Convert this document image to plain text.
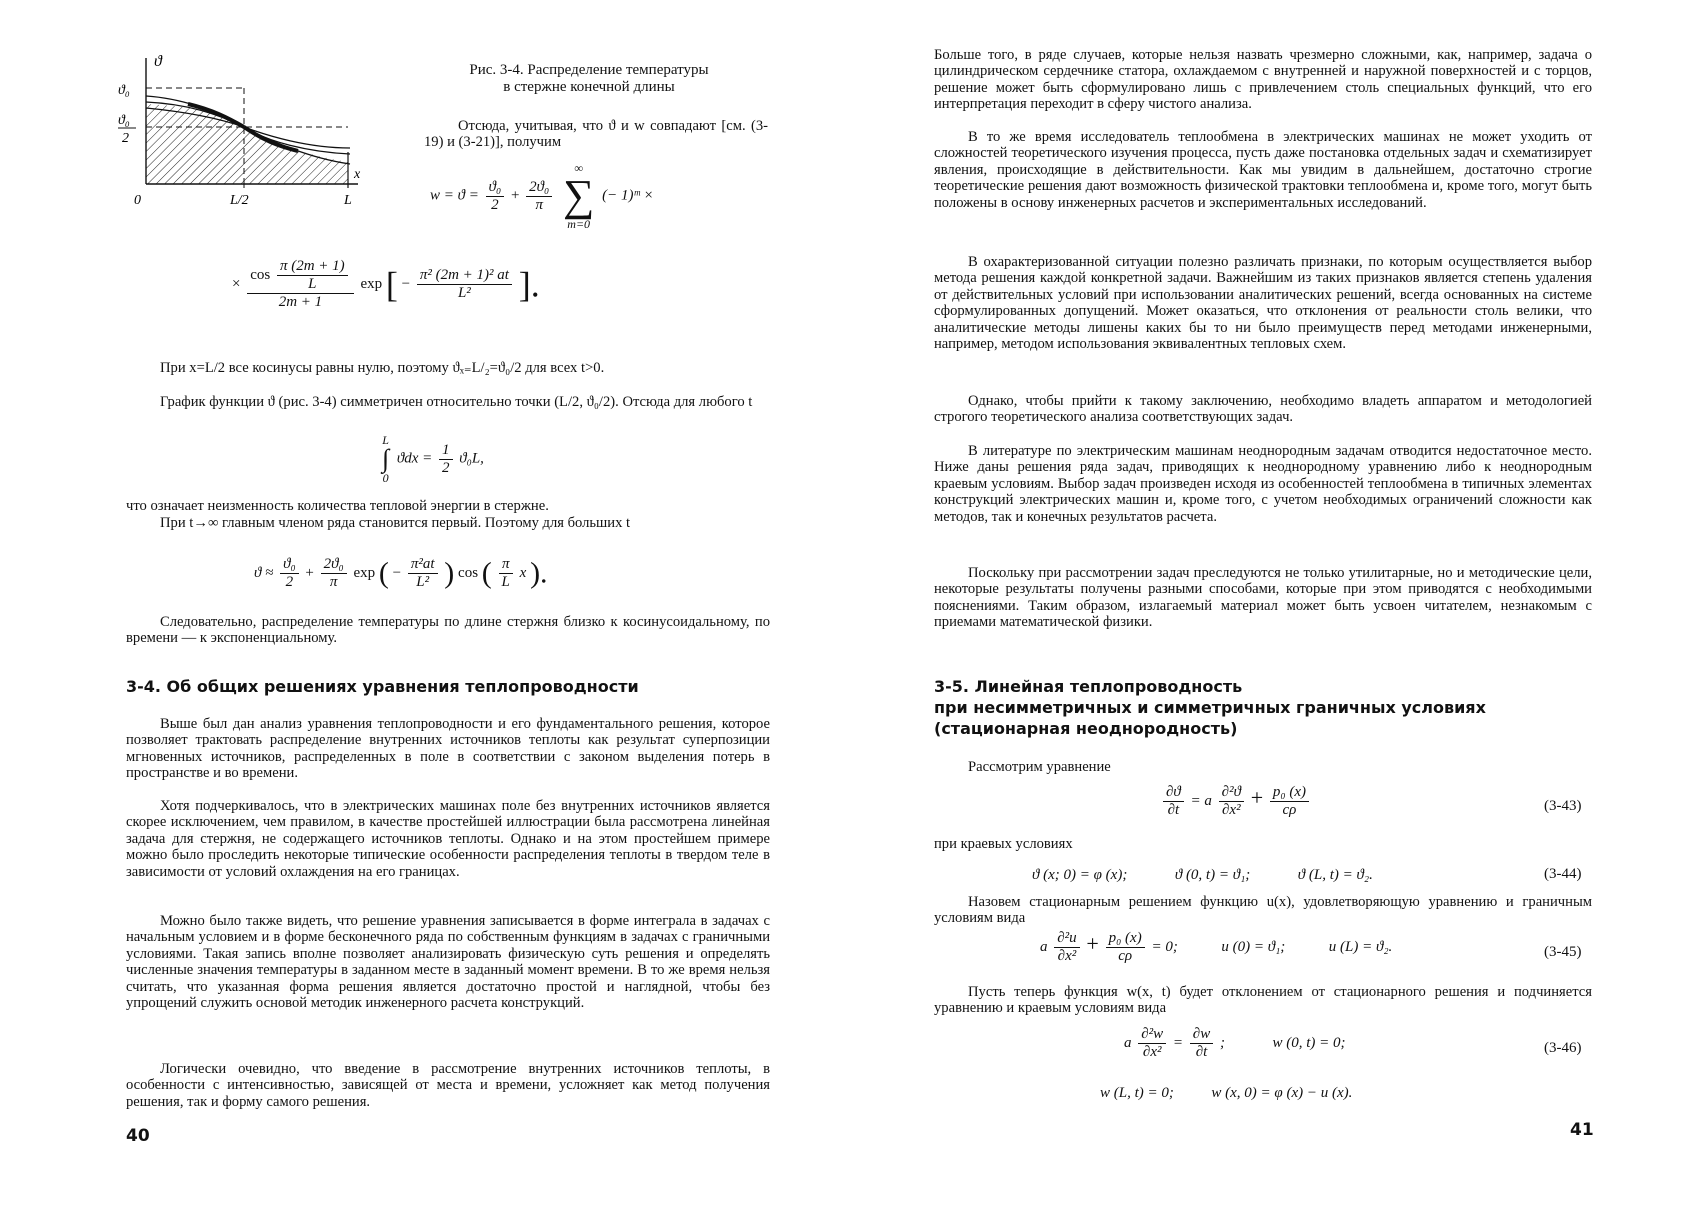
ϑ
x
ϑ₀
ϑ₀
2
0	L/2	L
Рис. 3-4. Распределение температуры
в стержне конечной длины

Отсюда, учитывая, что ϑ и w совпадают [см. (3-19) и (3-21)], получим

$w = ϑ = \frac{\text{ϑ₀}}{2} + \frac{\text{2ϑ₀}}{\pi}$

∞
∑
m=0
(− 1)ᵐ ×
× $\frac{\cos \frac{\pi (2m + 1)}{L}}{2m + 1}$ exp [ − $\frac{\text{π² (2m + 1)² at}}{\text{L²}}$ ].

При x=L/2 все косинусы равны нулю, поэтому ϑₓ₌L/₂=ϑ₀/2 для всех t>0.

График функции ϑ (рис. 3-4) симметричен относительно точки (L/2, ϑ₀/2). Отсюда для любого t

L
∫
0
$ϑdx = \frac{1}{2} ϑ_0L$,

что означает неизменность количества тепловой энергии в стержне.

При t→∞ главным членом ряда становится первый. Поэтому для больших t

$ϑ \approx \frac{\text{ϑ₀}}{2} + \frac{\text{2ϑ₀}}{\pi}$ exp ( − $\frac{\text{π²at}}{\text{L²}}$ ) cos ( $\frac{\pi}{L}$ x ).

Следовательно, распределение температуры по длине стержня близко к косинусоидальному, по времени — к экспоненциальному.

3-4. Об общих решениях уравнения теплопроводности

Выше был дан анализ уравнения теплопроводности и его фундаментального решения, которое позволяет трактовать распределение внутренних источников теплоты как результат суперпозиции мгновенных источников, распределенных в поле в соответствии с законом выделения потерь в пространстве и во времени.

Хотя подчеркивалось, что в электрических машинах поле без внутренних источников является скорее исключением, чем правилом, в качестве простейшей иллюстрации была рассмотрена линейная задача для стержня, не содержащего источников теплоты. Однако и на этом простейшем примере можно было проследить некоторые типические особенности распределения теплоты в твердом теле в зависимости от условий охлаждения на его границах.

Можно было также видеть, что решение уравнения записывается в форме интеграла в задачах с начальным условием и в форме бесконечного ряда по собственным функциям в задачах с граничными условиями. Такая запись вполне позволяет анализировать физическую суть решения и определять численные значения температуры в заданном месте в заданный момент времени. В то же время нельзя считать, что указанная форма решения является достаточно простой и наглядной, чтобы без упрощений служить основой методик инженерного расчета конструкций.

Логически очевидно, что введение в рассмотрение внутренних источников теплоты, в особенности с интенсивностью, зависящей от места и времени, усложняет как метод получения решения, так и форму самого решения.

40

Больше того, в ряде случаев, которые нельзя назвать чрезмерно сложными, как, например, задача о цилиндрическом сердечнике статора, охлаждаемом с внутренней и наружной поверхностей и с торцов, решение может быть сформулировано лишь с привлечением столь специальных функций, что его интерпретация переходит в сферу чистого анализа.

В то же время исследователь теплообмена в электрических машинах не может уходить от сложностей теоретического изучения процесса, пусть даже постановка отдельных задач и схематизирует явления, происходящие в действительности. Как мы увидим в дальнейшем, достаточно строгие теоретические решения дают возможность физической трактовки теплообмена и, кроме того, могут быть положены в основу инженерных расчетов и экспериментальных исследований.

В охарактеризованной ситуации полезно различать признаки, по которым осуществляется выбор метода решения каждой конкретной задачи. Важнейшим из таких признаков является степень удаления от действительных условий при использовании аналитических решений, всегда основанных на системе сформулированных допущений. Может оказаться, что отклонения от реальности столь велики, что аналитические методы лишены каких бы то ни было преимуществ перед методами инженерными, например, методом использования эквивалентных тепловых схем.

Однако, чтобы прийти к такому заключению, необходимо владеть аппаратом и методологией строгого теоретического анализа соответствующих задач.

В литературе по электрическим машинам неоднородным задачам отводится недостаточное место. Ниже даны решения ряда задач, приводящих к неоднородному уравнению либо к неоднородным краевым условиям. Выбор задач произведен исходя из особенностей теплообмена в типичных элементах конструкций электрических машин и, кроме того, с учетом необходимых ограничений сложности как методов, так и конечных результатов расчета.

Поскольку при рассмотрении задач преследуются не только утилитарные, но и методические цели, некоторые результаты получены разными способами, которые при этом приводятся с необходимыми пояснениями. Таким образом, излагаемый материал может быть усвоен читателем, незнакомым с приемами математической физики.

3-5. Линейная теплопроводность
при несимметричных и симметричных граничных условиях
(стационарная неоднородность)

Рассмотрим уравнение

$\frac{\partial ϑ}{\partial t} = a \frac{\text{∂²ϑ}}{\text{∂x²}} + \frac{\text{p₀ (x)}}{c\rho}$	(3-43)

при краевых условиях

ϑ (x; 0) = φ (x);	ϑ (0, t) = ϑ₁;	ϑ (L, t) = ϑ₂.	(3-44)

Назовем стационарным решением функцию u(x), удовлетворяющую уравнению и граничным условиям вида

a $\frac{\text{∂²u}}{\text{∂x²}} + \frac{\text{p₀ (x)}}{c\rho} = 0$;	u (0) = ϑ₁;	u (L) = ϑ₂.	(3-45)

Пусть теперь функция w(x, t) будет отклонением от стационарного решения и подчиняется уравнению и краевым условиям вида

a $\frac{\text{∂²w}}{\text{∂x²}} = \frac{\partial w}{\partial t}$ ;	w (0, t) = 0;	(3-46)
w (L, t) = 0;	w (x, 0) = φ (x) − u (x).
41
